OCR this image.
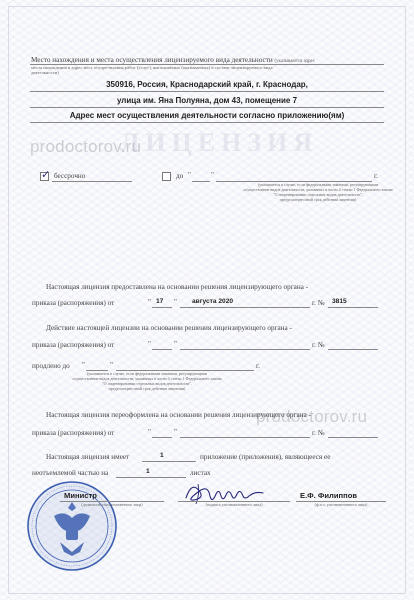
ЛИЦЕНЗИЯ
Место нахождения и места осуществления лицензируемого вида деятельности (указываются адрес
места нахождения и адрес мест осуществления работ (услуг), выполняемых (оказываемых) в составе лицензируемого вида
деятельности)
350916, Россия, Краснодарский край, г. Краснодар,
улица им. Яна Полуяна, дом 43, помещение 7
Адрес мест осуществления деятельности согласно приложению(ям)
prodoctorov.ru
✓ бессрочно	до "	"	г.
(указывается в случае, если федеральными законами, регулирующими
осуществление видов деятельности, указанных в части 4 статьи 1 Федерального закона
"О лицензировании отдельных видов деятельности",
предусмотрен иной срок действия лицензии)
Настоящая лицензия предоставлена на основании решения лицензирующего органа -
приказа (распоряжения) от	" 17 " августа 2020	г. № 3815
Действие настоящей лицензии на основании решения лицензирующего органа -
приказа (распоряжения) от	"	"	г. №
продлено до "	"	г.
(указывается в случае, если федеральными законами, регулирующими
осуществление видов деятельности, указанных в части 4 статьи 1 Федерального закона
"О лицензировании отдельных видов деятельности",
предусмотрен иной срок действия лицензии)
prodoctorov.ru
Настоящая лицензия переоформлена на основании решения лицензирующего органа -
приказа (распоряжения) от	"	"	г. №
Настоящая лицензия имеет	1	приложение (приложения), являющееся ее
неотъемлемой частью на	1	листах
Министр
(должность уполномоченного лица)	(подпись уполномоченного лица)
Е.Ф. Филиппов
(ф.и.о. уполномоченного лица)
